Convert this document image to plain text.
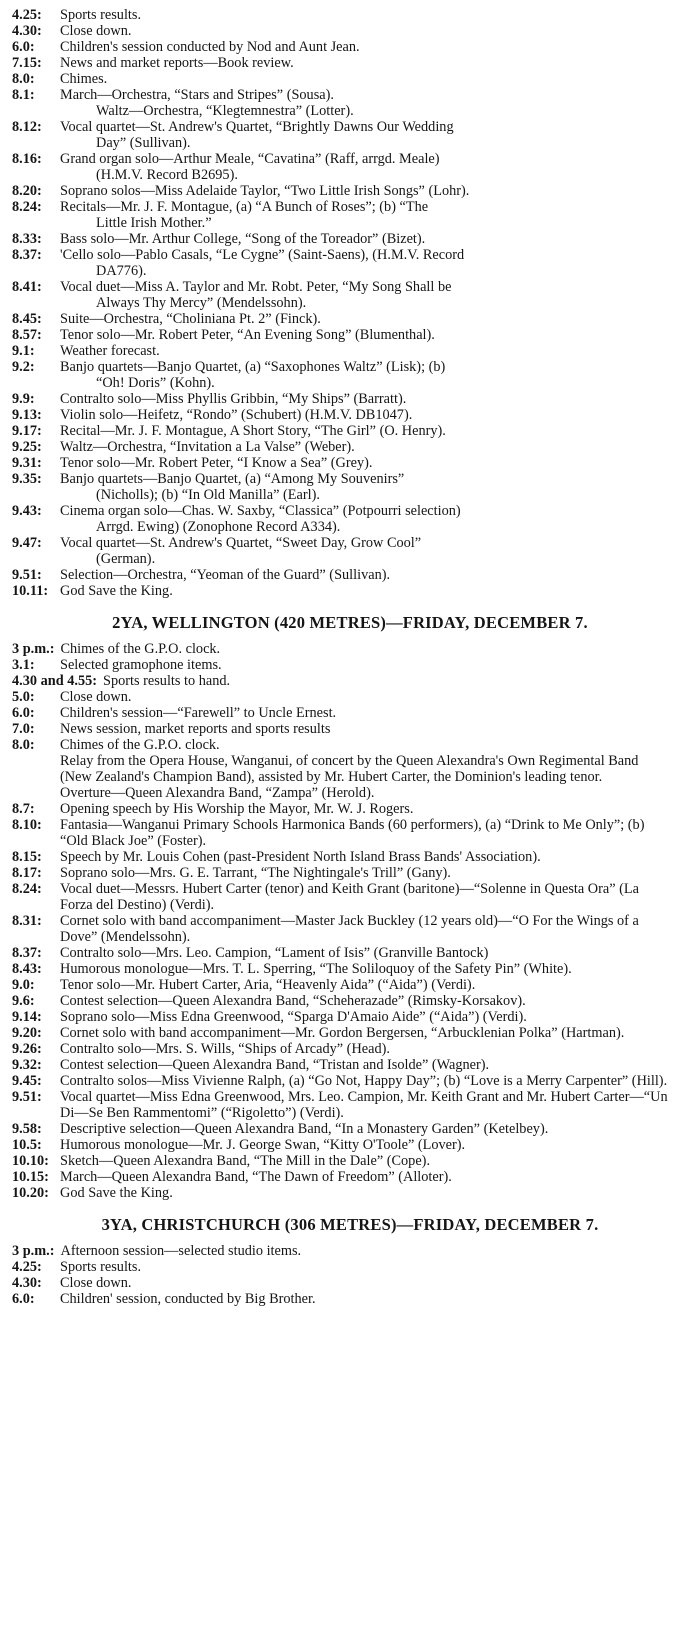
4.25:	Sports results.
4.30:	Close down.
6.0:	Children's session conducted by Nod and Aunt Jean.
7.15:	News and market reports—Book review.
8.0:	Chimes.
8.1:	March—Orchestra, “Stars and Stripes” (Sousa).
Waltz—Orchestra, “Klegtemnestra” (Lotter).
8.12:	Vocal quartet—St. Andrew's Quartet, “Brightly Dawns Our Wedding
Day” (Sullivan).
8.16:	Grand organ solo—Arthur Meale, “Cavatina” (Raff, arrgd. Meale)
(H.M.V. Record B2695).
8.20:	Soprano solos—Miss Adelaide Taylor, “Two Little Irish Songs” (Lohr).
8.24:	Recitals—Mr. J. F. Montague, (a) “A Bunch of Roses”; (b) “The
Little Irish Mother.”
8.33:	Bass solo—Mr. Arthur College, “Song of the Toreador” (Bizet).
8.37:	'Cello solo—Pablo Casals, “Le Cygne” (Saint-Saens), (H.M.V. Record
DA776).
8.41:	Vocal duet—Miss A. Taylor and Mr. Robt. Peter, “My Song Shall be
Always Thy Mercy” (Mendelssohn).
8.45:	Suite—Orchestra, “Choliniana Pt. 2” (Finck).
8.57:	Tenor solo—Mr. Robert Peter, “An Evening Song” (Blumenthal).
9.1:	Weather forecast.
9.2:	Banjo quartets—Banjo Quartet, (a) “Saxophones Waltz” (Lisk); (b)
“Oh! Doris” (Kohn).
9.9:	Contralto solo—Miss Phyllis Gribbin, “My Ships” (Barratt).
9.13:	Violin solo—Heifetz, “Rondo” (Schubert) (H.M.V. DB1047).
9.17:	Recital—Mr. J. F. Montague, A Short Story, “The Girl” (O. Henry).
9.25:	Waltz—Orchestra, “Invitation a La Valse” (Weber).
9.31:	Tenor solo—Mr. Robert Peter, “I Know a Sea” (Grey).
9.35:	Banjo quartets—Banjo Quartet, (a) “Among My Souvenirs”
(Nicholls); (b) “In Old Manilla” (Earl).
9.43:	Cinema organ solo—Chas. W. Saxby, “Classica” (Potpourri selection)
Arrgd. Ewing) (Zonophone Record A334).
9.47:	Vocal quartet—St. Andrew's Quartet, “Sweet Day, Grow Cool”
(German).
9.51:	Selection—Orchestra, “Yeoman of the Guard” (Sullivan).
10.11: God Save the King.
2YA, WELLINGTON (420 METRES)—FRIDAY, DECEMBER 7.
3 p.m.: Chimes of the G.P.O. clock.
3.1:	Selected gramophone items.
4.30 and 4.55: Sports results to hand.
5.0:	Close down.
6.0:	Children's session—“Farewell” to Uncle Ernest.
7.0:	News session, market reports and sports results
8.0:	Chimes of the G.P.O. clock.
Relay from the Opera House, Wanganui, of concert by the Queen Alexandra's Own Regimental Band (New Zealand's Champion Band), assisted by Mr. Hubert Carter, the Dominion's leading tenor.
Overture—Queen Alexandra Band, “Zampa” (Herold).
8.7:	Opening speech by His Worship the Mayor, Mr. W. J. Rogers.
8.10:	Fantasia—Wanganui Primary Schools Harmonica Bands (60 performers), (a) “Drink to Me Only”; (b) “Old Black Joe” (Foster).
8.15:	Speech by Mr. Louis Cohen (past-President North Island Brass Bands' Association).
8.17:	Soprano solo—Mrs. G. E. Tarrant, “The Nightingale's Trill” (Gany).
8.24:	Vocal duet—Messrs. Hubert Carter (tenor) and Keith Grant (baritone)—“Solenne in Questa Ora” (La Forza del Destino) (Verdi).
8.31:	Cornet solo with band accompaniment—Master Jack Buckley (12 years old)—“O For the Wings of a Dove” (Mendelssohn).
8.37:	Contralto solo—Mrs. Leo. Campion, “Lament of Isis” (Granville Bantock)
8.43:	Humorous monologue—Mrs. T. L. Sperring, “The Soliloquoy of the Safety Pin” (White).
9.0:	Tenor solo—Mr. Hubert Carter, Aria, “Heavenly Aida” (“Aida”) (Verdi).
9.6:	Contest selection—Queen Alexandra Band, “Scheherazade” (Rimsky-Korsakov).
9.14:	Soprano solo—Miss Edna Greenwood, “Sparga D'Amaio Aide” (“Aida”) (Verdi).
9.20:	Cornet solo with band accompaniment—Mr. Gordon Bergersen, “Arbucklenian Polka” (Hartman).
9.26:	Contralto solo—Mrs. S. Wills, “Ships of Arcady” (Head).
9.32:	Contest selection—Queen Alexandra Band, “Tristan and Isolde” (Wagner).
9.45:	Contralto solos—Miss Vivienne Ralph, (a) “Go Not, Happy Day”; (b) “Love is a Merry Carpenter” (Hill).
9.51:	Vocal quartet—Miss Edna Greenwood, Mrs. Leo. Campion, Mr. Keith Grant and Mr. Hubert Carter—“Un Di—Se Ben Rammentomi” (“Rigoletto”) (Verdi).
9.58:	Descriptive selection—Queen Alexandra Band, “In a Monastery Garden” (Ketelbey).
10.5:	Humorous monologue—Mr. J. George Swan, “Kitty O'Toole” (Lover).
10.10: Sketch—Queen Alexandra Band, “The Mill in the Dale” (Cope).
10.15: March—Queen Alexandra Band, “The Dawn of Freedom” (Alloter).
10.20: God Save the King.
3YA, CHRISTCHURCH (306 METRES)—FRIDAY, DECEMBER 7.
3 p.m.: Afternoon session—selected studio items.
4.25:	Sports results.
4.30:	Close down.
6.0:	Children' session, conducted by Big Brother.
